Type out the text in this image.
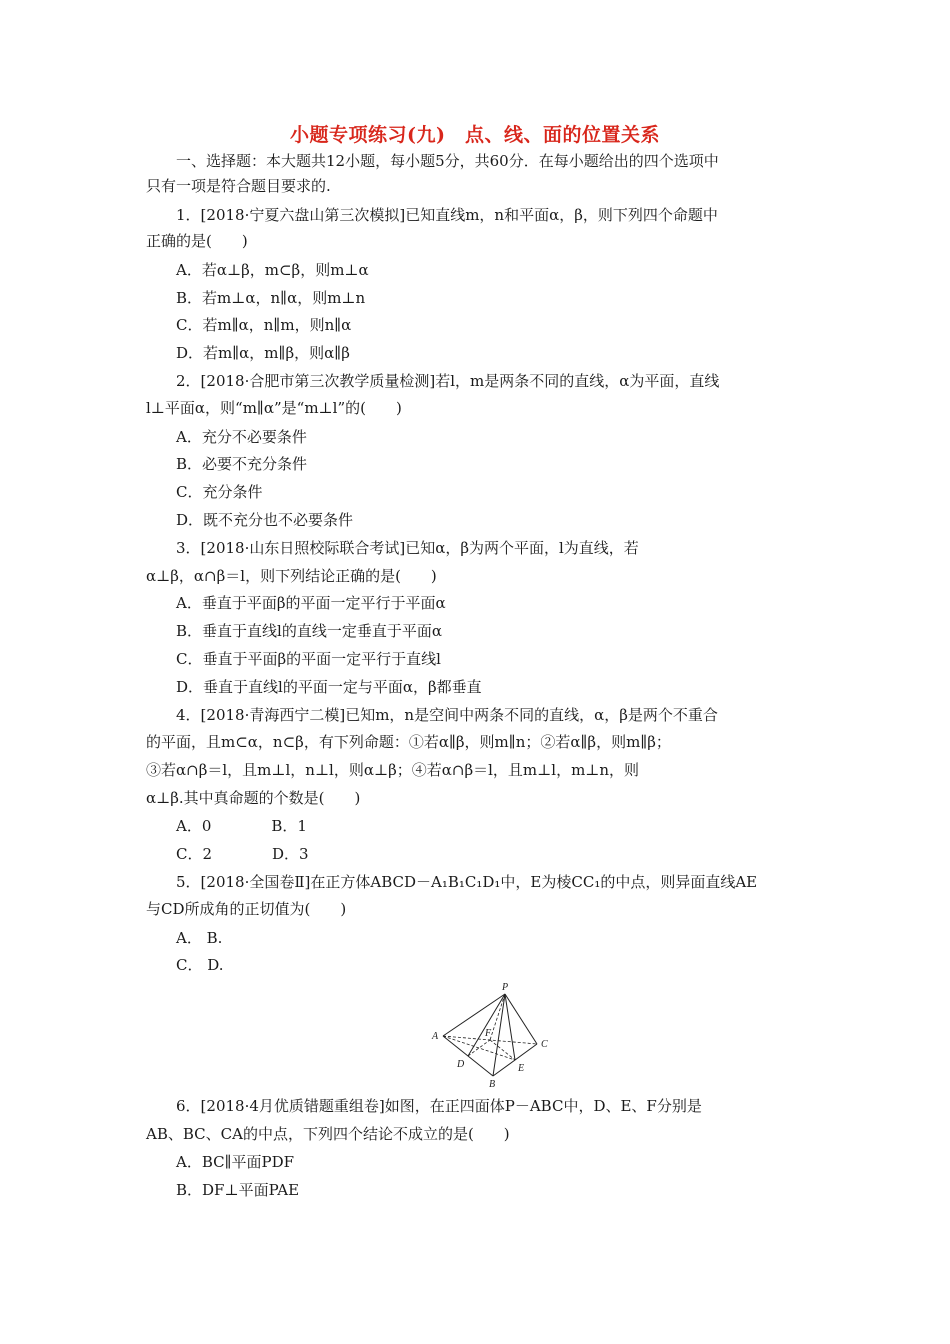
小题专项练习(九)　点、线、面的位置关系
一、选择题：本大题共12小题，每小题5分，共60分．在每小题给出的四个选项中
只有一项是符合题目要求的.
1．[2018·宁夏六盘山第三次模拟]已知直线m，n和平面α，β，则下列四个命题中
正确的是(　　)
A．若α⊥β，m⊂β，则m⊥α
B．若m⊥α，n∥α，则m⊥n
C．若m∥α，n∥m，则n∥α
D．若m∥α，m∥β，则α∥β
2．[2018·合肥市第三次教学质量检测]若l，m是两条不同的直线，α为平面，直线
l⊥平面α，则“m∥α”是“m⊥l”的(　　)
A．充分不必要条件
B．必要不充分条件
C．充分条件
D．既不充分也不必要条件
3．[2018·山东日照校际联合考试]已知α，β为两个平面，l为直线，若
α⊥β，α∩β＝l，则下列结论正确的是(　　)
A．垂直于平面β的平面一定平行于平面α
B．垂直于直线l的直线一定垂直于平面α
C．垂直于平面β的平面一定平行于直线l
D．垂直于直线l的平面一定与平面α，β都垂直
4．[2018·青海西宁二模]已知m，n是空间中两条不同的直线，α，β是两个不重合
的平面，且m⊂α，n⊂β，有下列命题：①若α∥β，则m∥n；②若α∥β，则m∥β；
③若α∩β＝l，且m⊥l，n⊥l，则α⊥β；④若α∩β＝l，且m⊥l，m⊥n，则
α⊥β.其中真命题的个数是(　　)
A．0    B．1
C．2    D．3
5．[2018·全国卷Ⅱ]在正方体ABCD－A₁B₁C₁D₁中，E为棱CC₁的中点，则异面直线AE
与CD所成角的正切值为(　　)
A． B.
C． D.
6．[2018·4月优质错题重组卷]如图，在正四面体P－ABC中，D、E、F分别是
AB、BC、CA的中点，下列四个结论不成立的是(　　)
A．BC∥平面PDF
B．DF⊥平面PAE
P
A
B
C
D	E
F
